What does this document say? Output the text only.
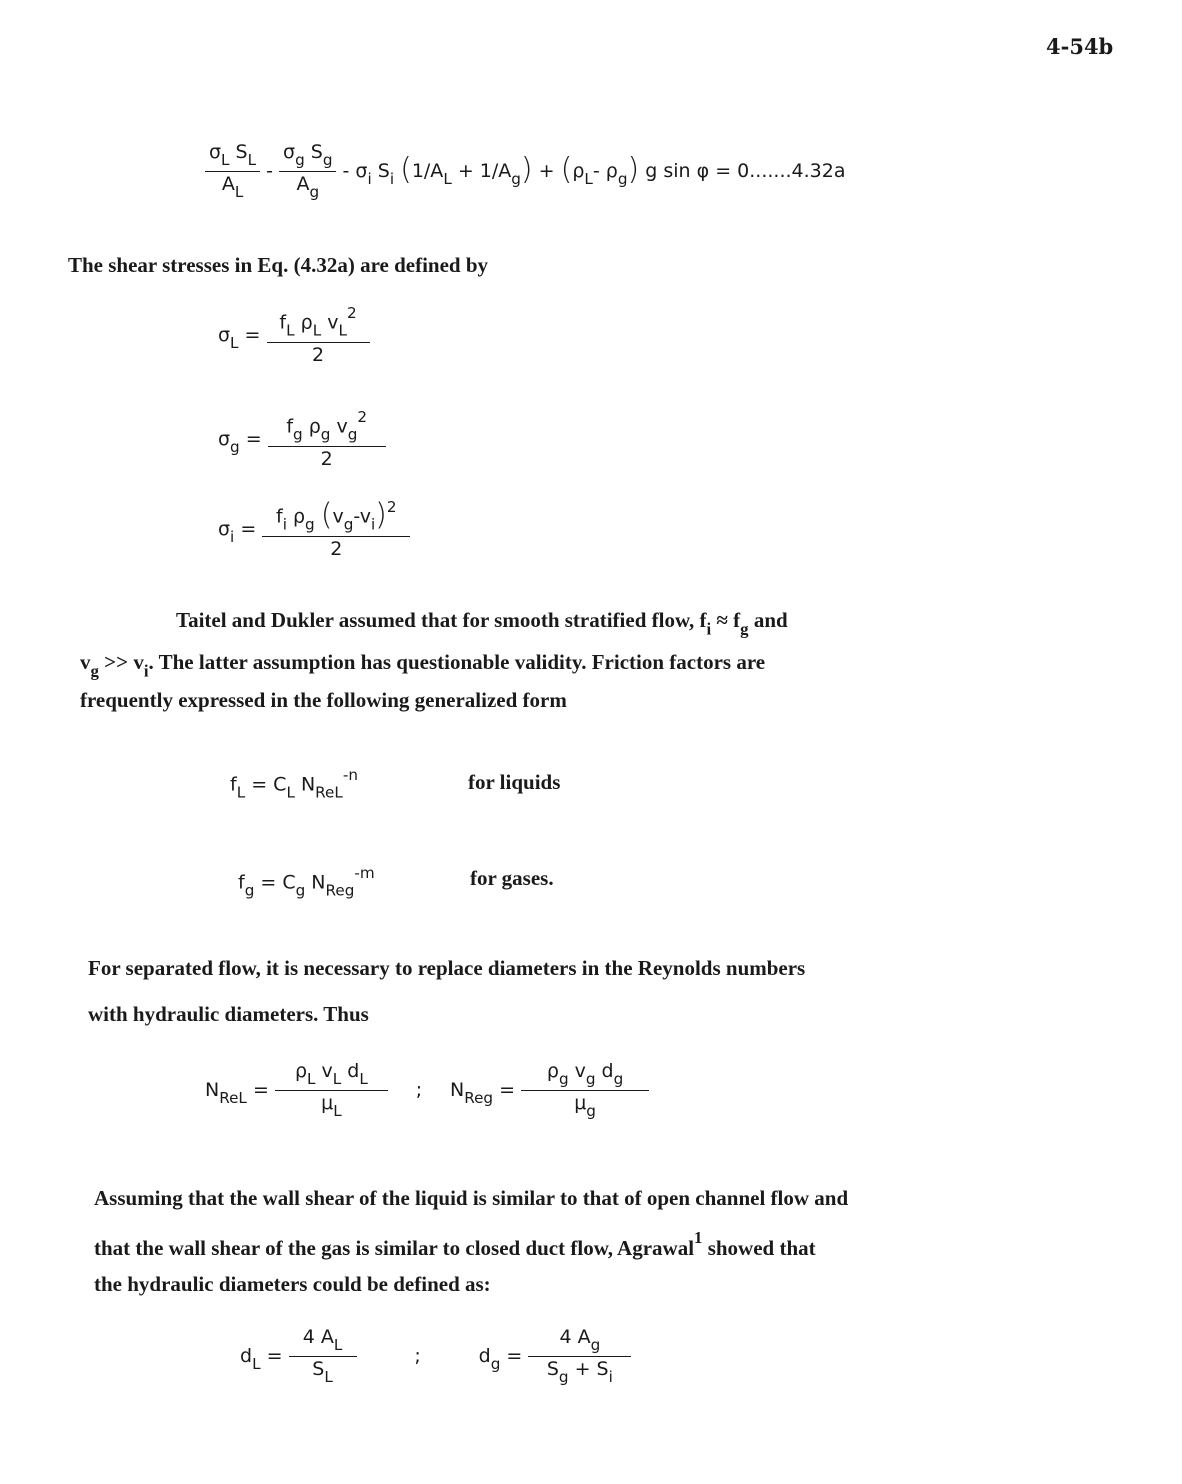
4-54b
$\frac{\sigma_L S_L}{A_L} - \frac{\sigma_g S_g}{A_g} - \sigma_i$ $S_i$ $(1/A_L + 1/A_g) + (\rho_L-$ $\rho_g$) g sin φ = 0.......4.32a
The shear stresses in Eq. (4.32a) are defined by
$\sigma_L = \frac{f_L \rho_L v_L^2}{2}$
$\sigma_g = \frac{f_g \rho_g v_g^2}{2}$
$\sigma_i = \frac{f_i \rho_g (v_g-v_i)^2}{2}$
Taitel and Dukler assumed that for smooth stratified flow, $f_i \approx f_g$ and
$v_g >> v_i$. The latter assumption has questionable validity. Friction factors are
frequently expressed in the following generalized form
$f_L = C_L$ $N_{ReL}^{-n}$	for liquids
$f_g = C_g$ $N_{Reg}^{-m}$	for gases.
For separated flow, it is necessary to replace diameters in the Reynolds numbers
with hydraulic diameters. Thus
$N_{ReL} = \frac{\rho_L v_L d_L}{\mu_L}$ ; $N_{Reg} = \frac{\rho_g v_g d_g}{\mu_g}$
Assuming that the wall shear of the liquid is similar to that of open channel flow and
that the wall shear of the gas is similar to closed duct flow, Agrawal$^1$ showed that
the hydraulic diameters could be defined as:
$d_L = \frac{4 A_L}{S_L}$	;	$d_g = \frac{4 A_g}{S_g + S_i}$
